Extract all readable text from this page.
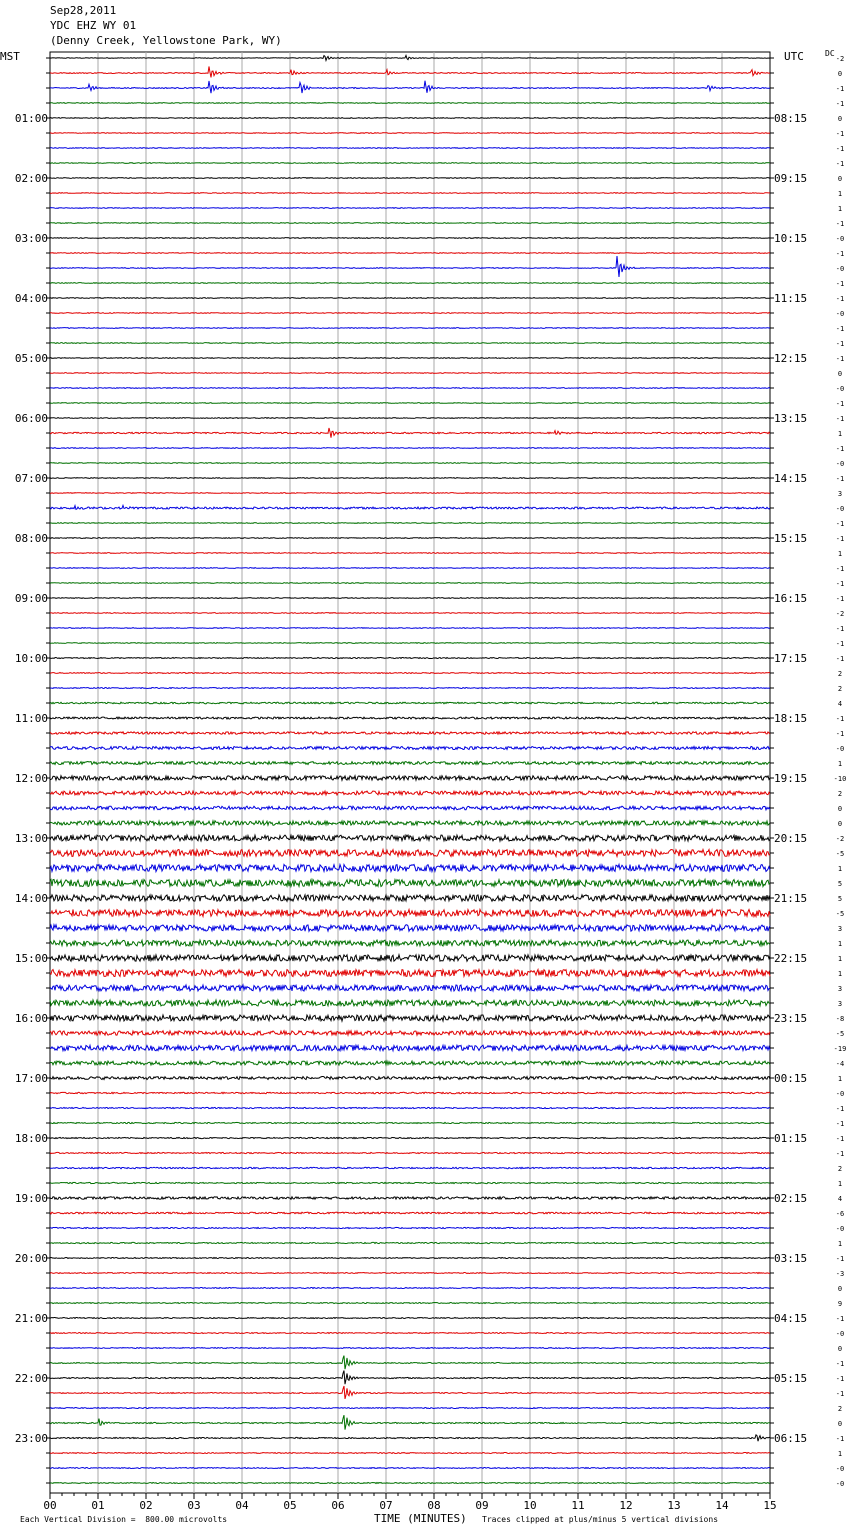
Sep28,2011
YDC EHZ WY 01
(Denny Creek, Yellowstone Park, WY)
MST	UTC	DC
-2
0
-1
-1
0
-1
-1
-1
0
1
1
-1
-0
-1
-0
-1
-1
-0
-1
-1
-1
0
-0
-1
-1
1
-1
-0
-1
3
-0
-1
-1
1
-1
-1
-1
-2
-1
-1
-1
2
2
4
-1
-1
-0
1
-10
2
0
0
-2
-5
1
5
5
-5
3
1
1
1
3
3
-8
-5
-19
-4
1
-0
-1
-1
-1
-1
2
1
4
-6
-0
1
-1
-3
0
9
-1
-0
0
-1
-1
-1
2
0
-1
1
-0
-0
01:00
02:00
03:00
04:00
05:00
06:00
07:00
08:00
09:00
10:00
11:00
12:00
13:00
14:00
15:00
16:00
17:00
18:00
19:00
20:00
21:00
22:00
23:00
08:15
09:15
10:15
11:15
12:15
13:15
14:15
15:15
16:15
17:15
18:15
19:15
20:15
21:15
22:15
23:15
00:15
01:15
02:15
03:15
04:15
05:15
06:15
00	01	02	03	04	05	06	07	08	09	10	11	12	13	14	15
Each Vertical Division =  800.00 microvolts	TIME (MINUTES) Traces clipped at plus/minus 5 vertical divisions
